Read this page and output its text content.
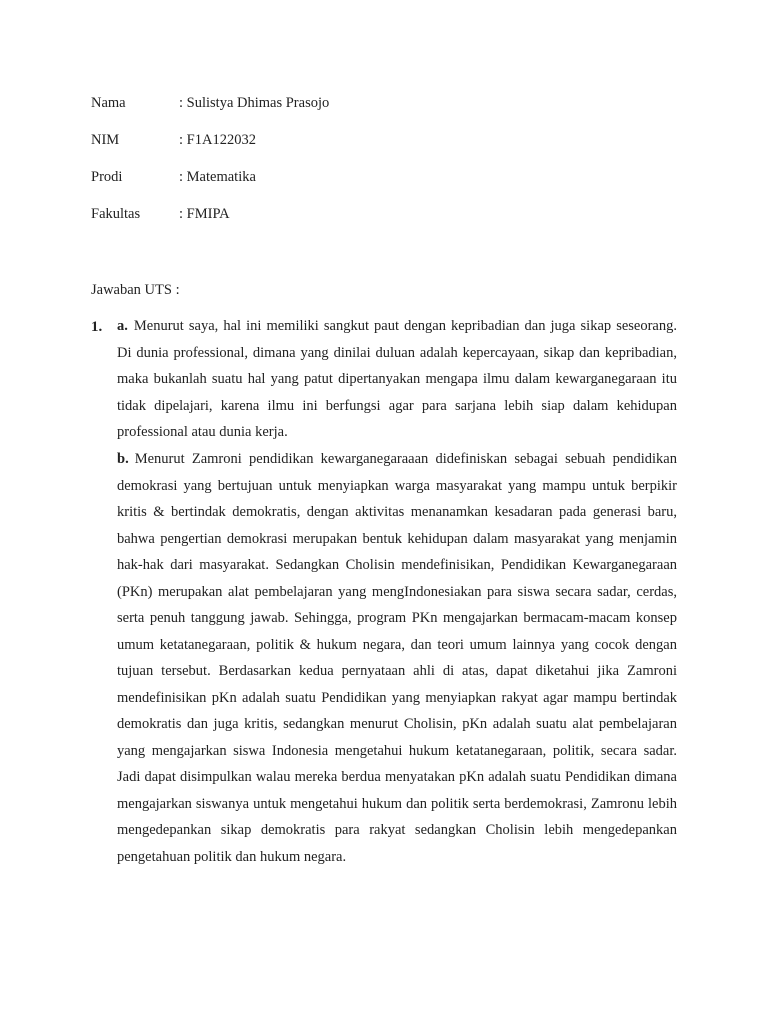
Nama	: Sulistya Dhimas Prasojo
NIM	: F1A122032
Prodi	: Matematika
Fakultas	: FMIPA
Jawaban UTS :
1. a. Menurut saya, hal ini memiliki sangkut paut dengan kepribadian dan juga sikap seseorang. Di dunia professional, dimana yang dinilai duluan adalah kepercayaan, sikap dan kepribadian, maka bukanlah suatu hal yang patut dipertanyakan mengapa ilmu dalam kewarganegaraan itu tidak dipelajari, karena ilmu ini berfungsi agar para sarjana lebih siap dalam kehidupan professional atau dunia kerja.
b. Menurut Zamroni pendidikan kewarganegaraaan didefiniskan sebagai sebuah pendidikan demokrasi yang bertujuan untuk menyiapkan warga masyarakat yang mampu untuk berpikir kritis & bertindak demokratis, dengan aktivitas menanamkan kesadaran pada generasi baru, bahwa pengertian demokrasi merupakan bentuk kehidupan dalam masyarakat yang menjamin hak-hak dari masyarakat. Sedangkan Cholisin mendefinisikan, Pendidikan Kewarganegaraan (PKn) merupakan alat pembelajaran yang mengIndonesiakan para siswa secara sadar, cerdas, serta penuh tanggung jawab. Sehingga, program PKn mengajarkan bermacam-macam konsep umum ketatanegaraan, politik & hukum negara, dan teori umum lainnya yang cocok dengan tujuan tersebut. Berdasarkan kedua pernyataan ahli di atas, dapat diketahui jika Zamroni mendefinisikan pKn adalah suatu Pendidikan yang menyiapkan rakyat agar mampu bertindak demokratis dan juga kritis, sedangkan menurut Cholisin, pKn adalah suatu alat pembelajaran yang mengajarkan siswa Indonesia mengetahui hukum ketatanegaraan, politik, secara sadar. Jadi dapat disimpulkan walau mereka berdua menyatakan pKn adalah suatu Pendidikan dimana mengajarkan siswanya untuk mengetahui hukum dan politik serta berdemokrasi, Zamronu lebih mengedepankan sikap demokratis para rakyat sedangkan Cholisin lebih mengedepankan pengetahuan politik dan hukum negara.
